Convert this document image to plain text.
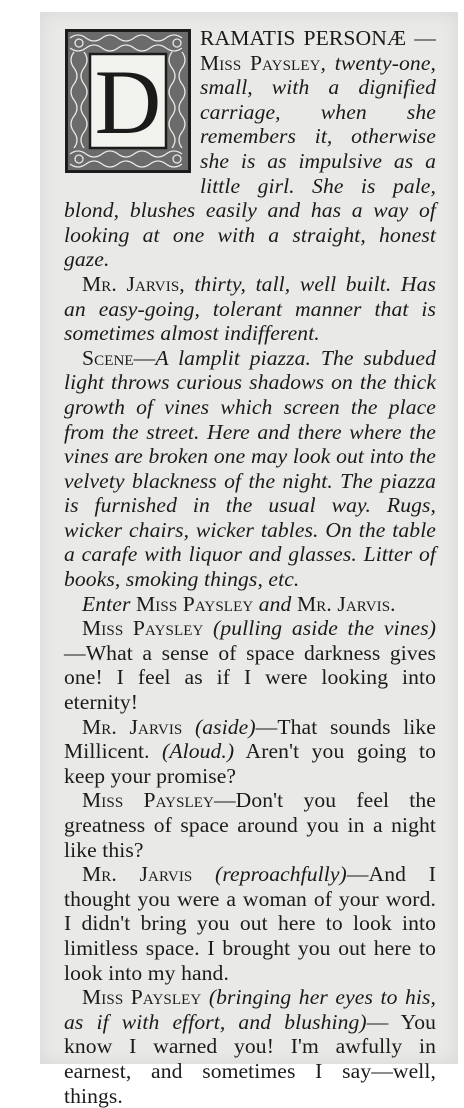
D

RAMATIS PERSONÆ — Miss Paysley, twenty-one, small, with a dignified carriage, when she remembers it, otherwise she is as impulsive as a little girl. She is pale, blond, blushes easily and has a way of looking at one with a straight, honest gaze.

Mr. Jarvis, thirty, tall, well built. Has an easy-going, tolerant manner that is sometimes almost indifferent.

Scene—A lamplit piazza. The subdued light throws curious shadows on the thick growth of vines which screen the place from the street. Here and there where the vines are broken one may look out into the velvety blackness of the night. The piazza is furnished in the usual way. Rugs, wicker chairs, wicker tables. On the table a carafe with liquor and glasses. Litter of books, smoking things, etc.

Enter Miss Paysley and Mr. Jarvis.

Miss Paysley (pulling aside the vines)—What a sense of space darkness gives one! I feel as if I were looking into eternity!

Mr. Jarvis (aside)—That sounds like Millicent. (Aloud.) Aren't you going to keep your promise?

Miss Paysley—Don't you feel the greatness of space around you in a night like this?

Mr. Jarvis (reproachfully)—And I thought you were a woman of your word. I didn't bring you out here to look into limitless space. I brought you out here to look into my hand.

Miss Paysley (bringing her eyes to his, as if with effort, and blushing)— You know I warned you! I'm awfully in earnest, and sometimes I say—well, things.
